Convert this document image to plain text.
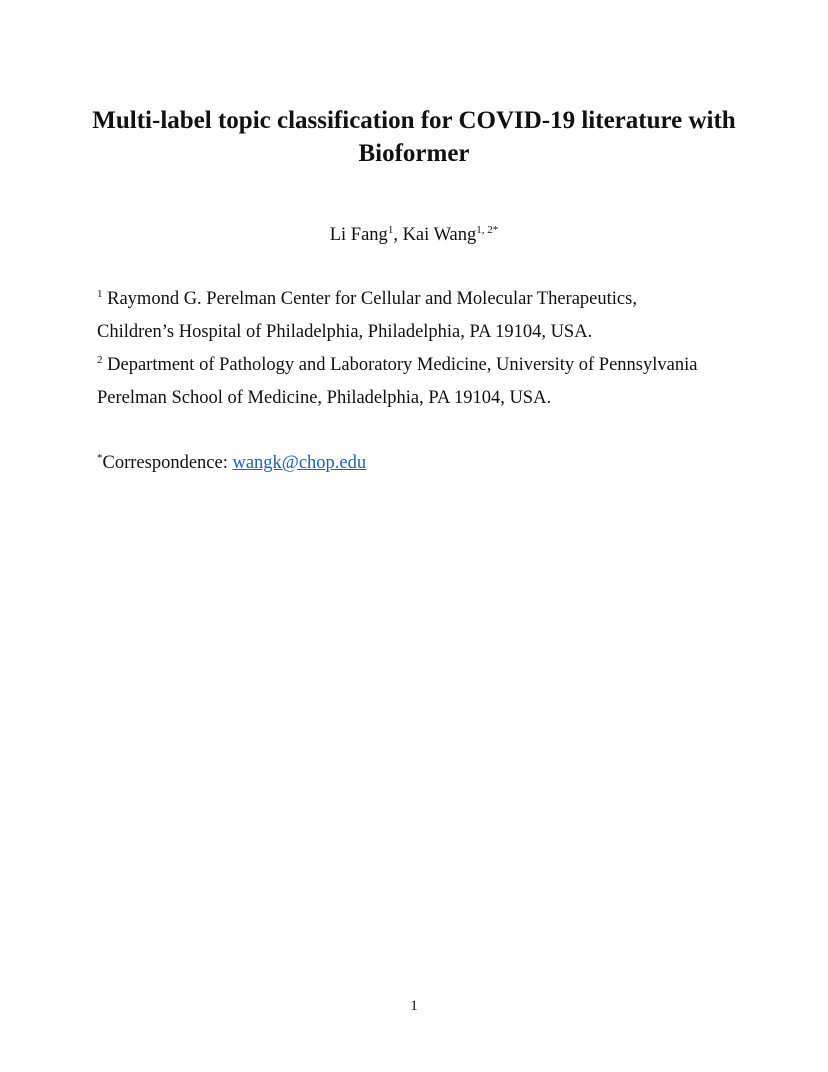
Multi-label topic classification for COVID-19 literature with
Bioformer
Li Fang$^1$, Kai Wang$^{1, 2*}$
$^1$ Raymond G. Perelman Center for Cellular and Molecular Therapeutics,
Children’s Hospital of Philadelphia, Philadelphia, PA 19104, USA.
$^2$ Department of Pathology and Laboratory Medicine, University of Pennsylvania
Perelman School of Medicine, Philadelphia, PA 19104, USA.
*Correspondence: wangk@chop.edu
1
